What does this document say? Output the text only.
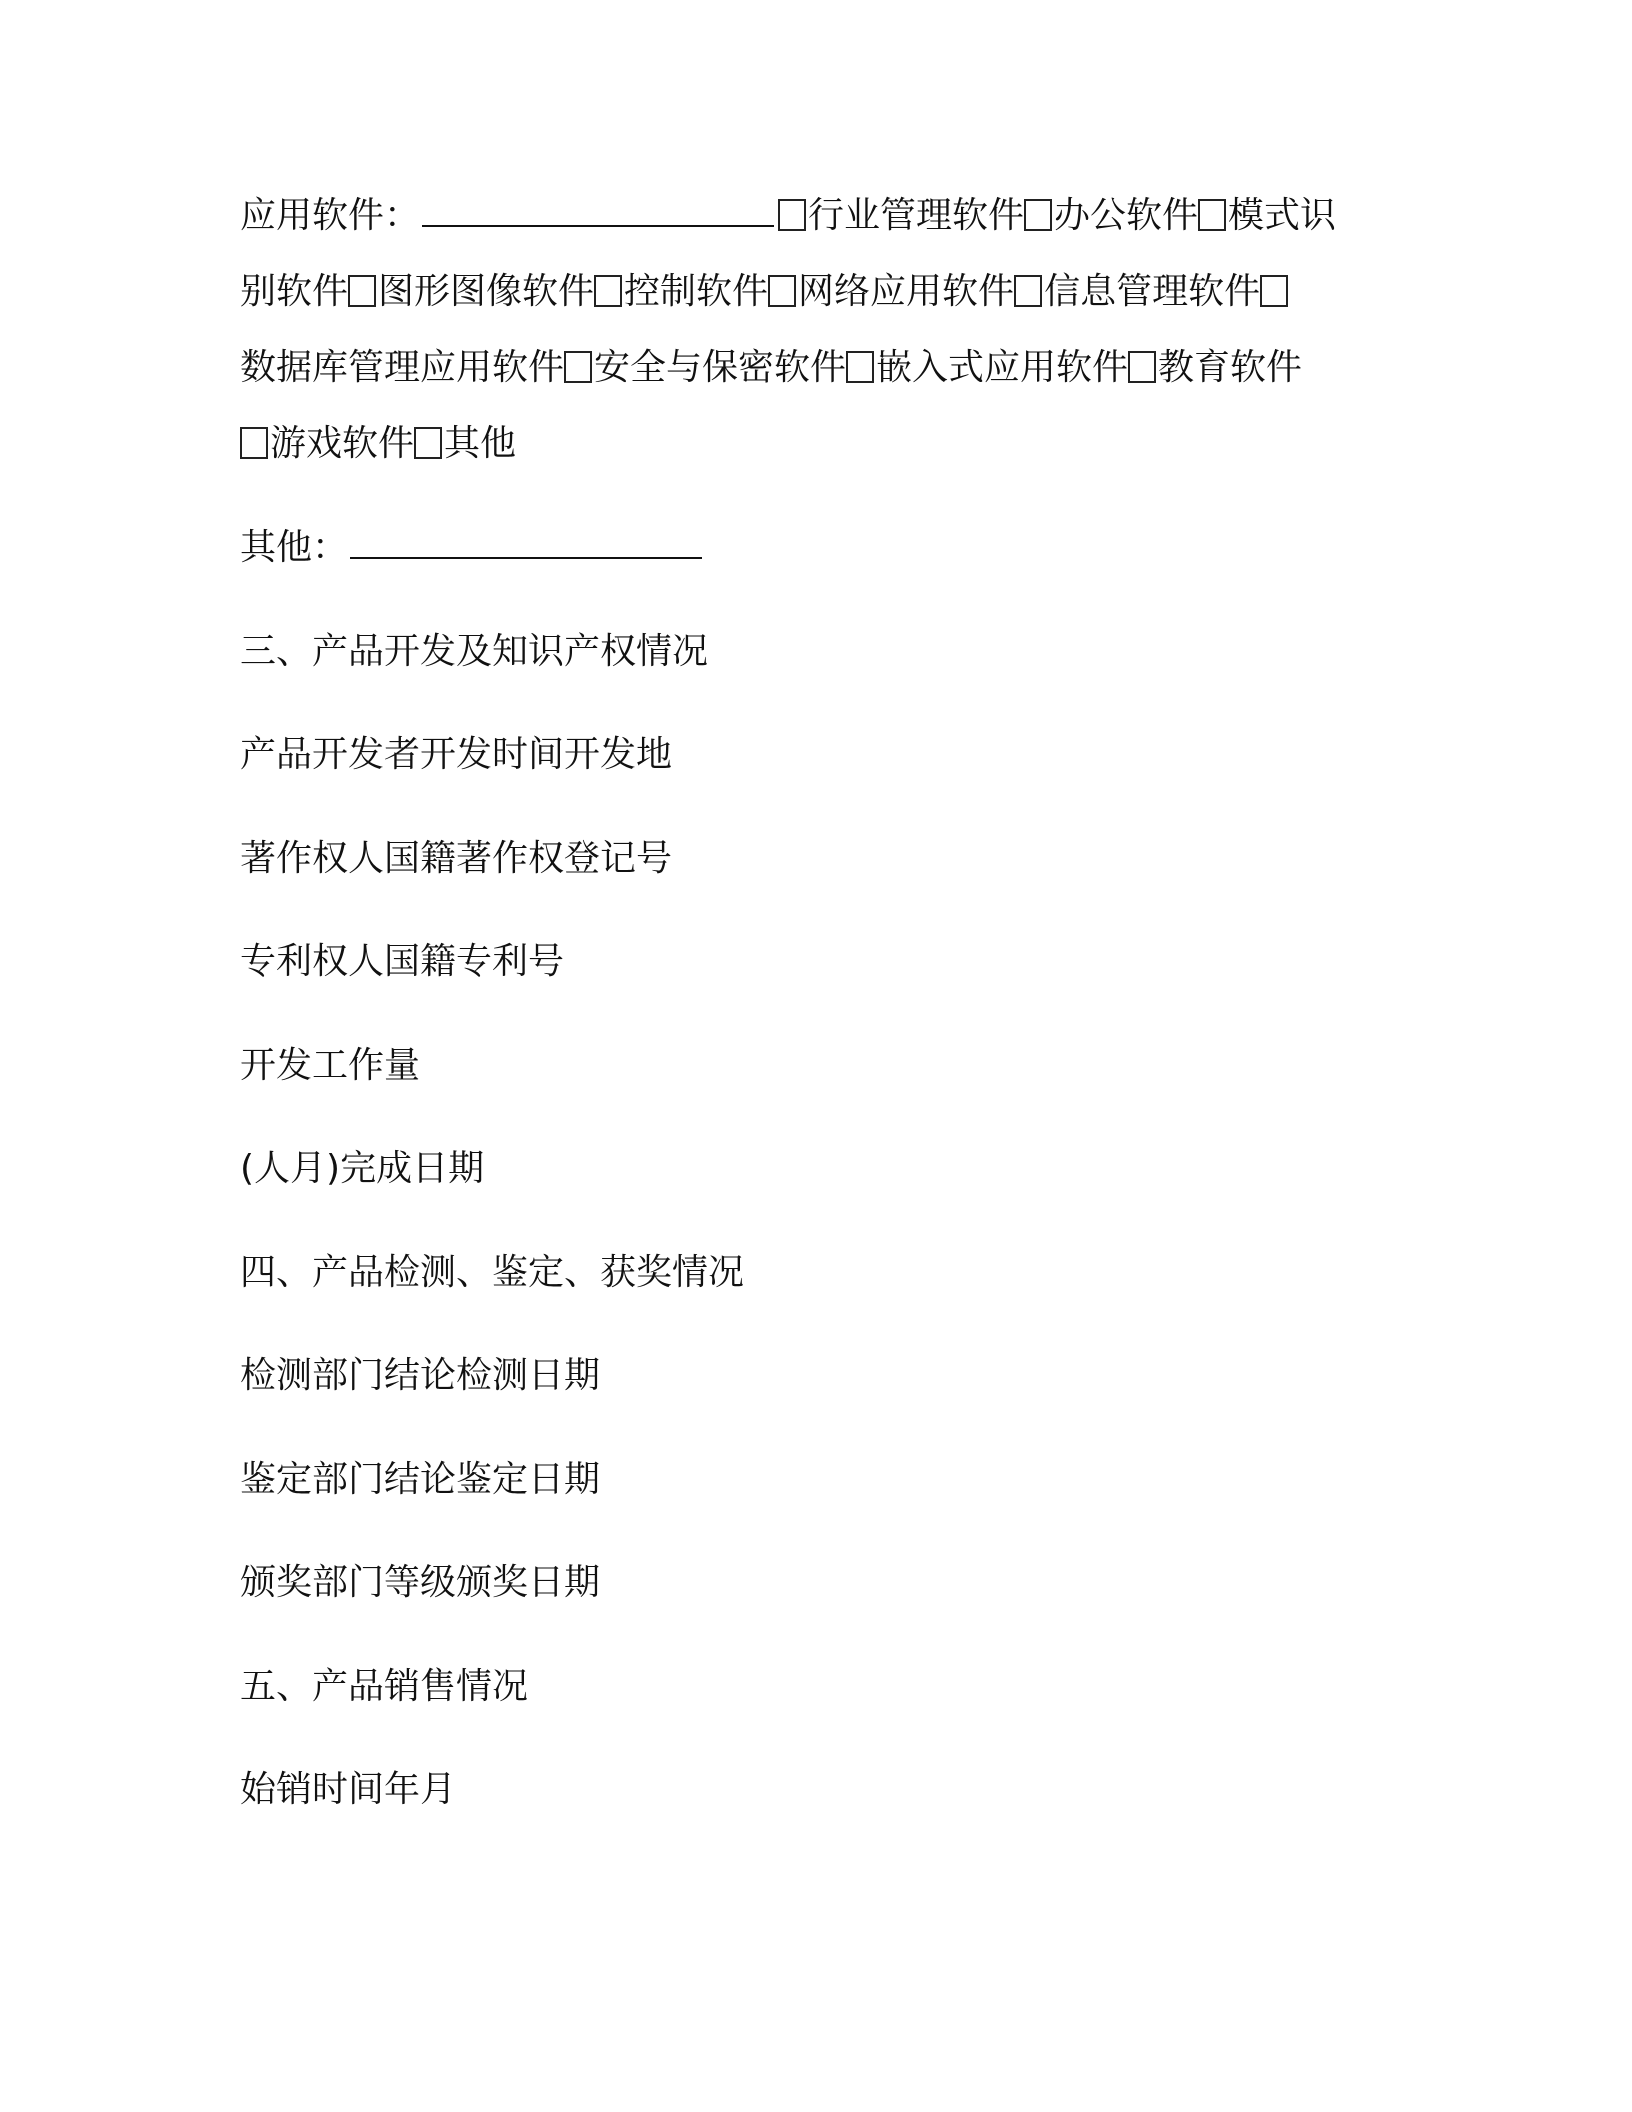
应用软件：	行业管理软件 办公软件 模式识
别软件 图形图像软件 控制软件 网络应用软件 信息管理软件
数据库管理应用软件 安全与保密软件 嵌入式应用软件 教育软件
游戏软件 其他
其他：
三、产品开发及知识产权情况
产品开发者开发时间开发地
著作权人国籍著作权登记号
专利权人国籍专利号
开发工作量
(人月)完成日期
四、产品检测、鉴定、获奖情况
检测部门结论检测日期
鉴定部门结论鉴定日期
颁奖部门等级颁奖日期
五、产品销售情况
始销时间年月
